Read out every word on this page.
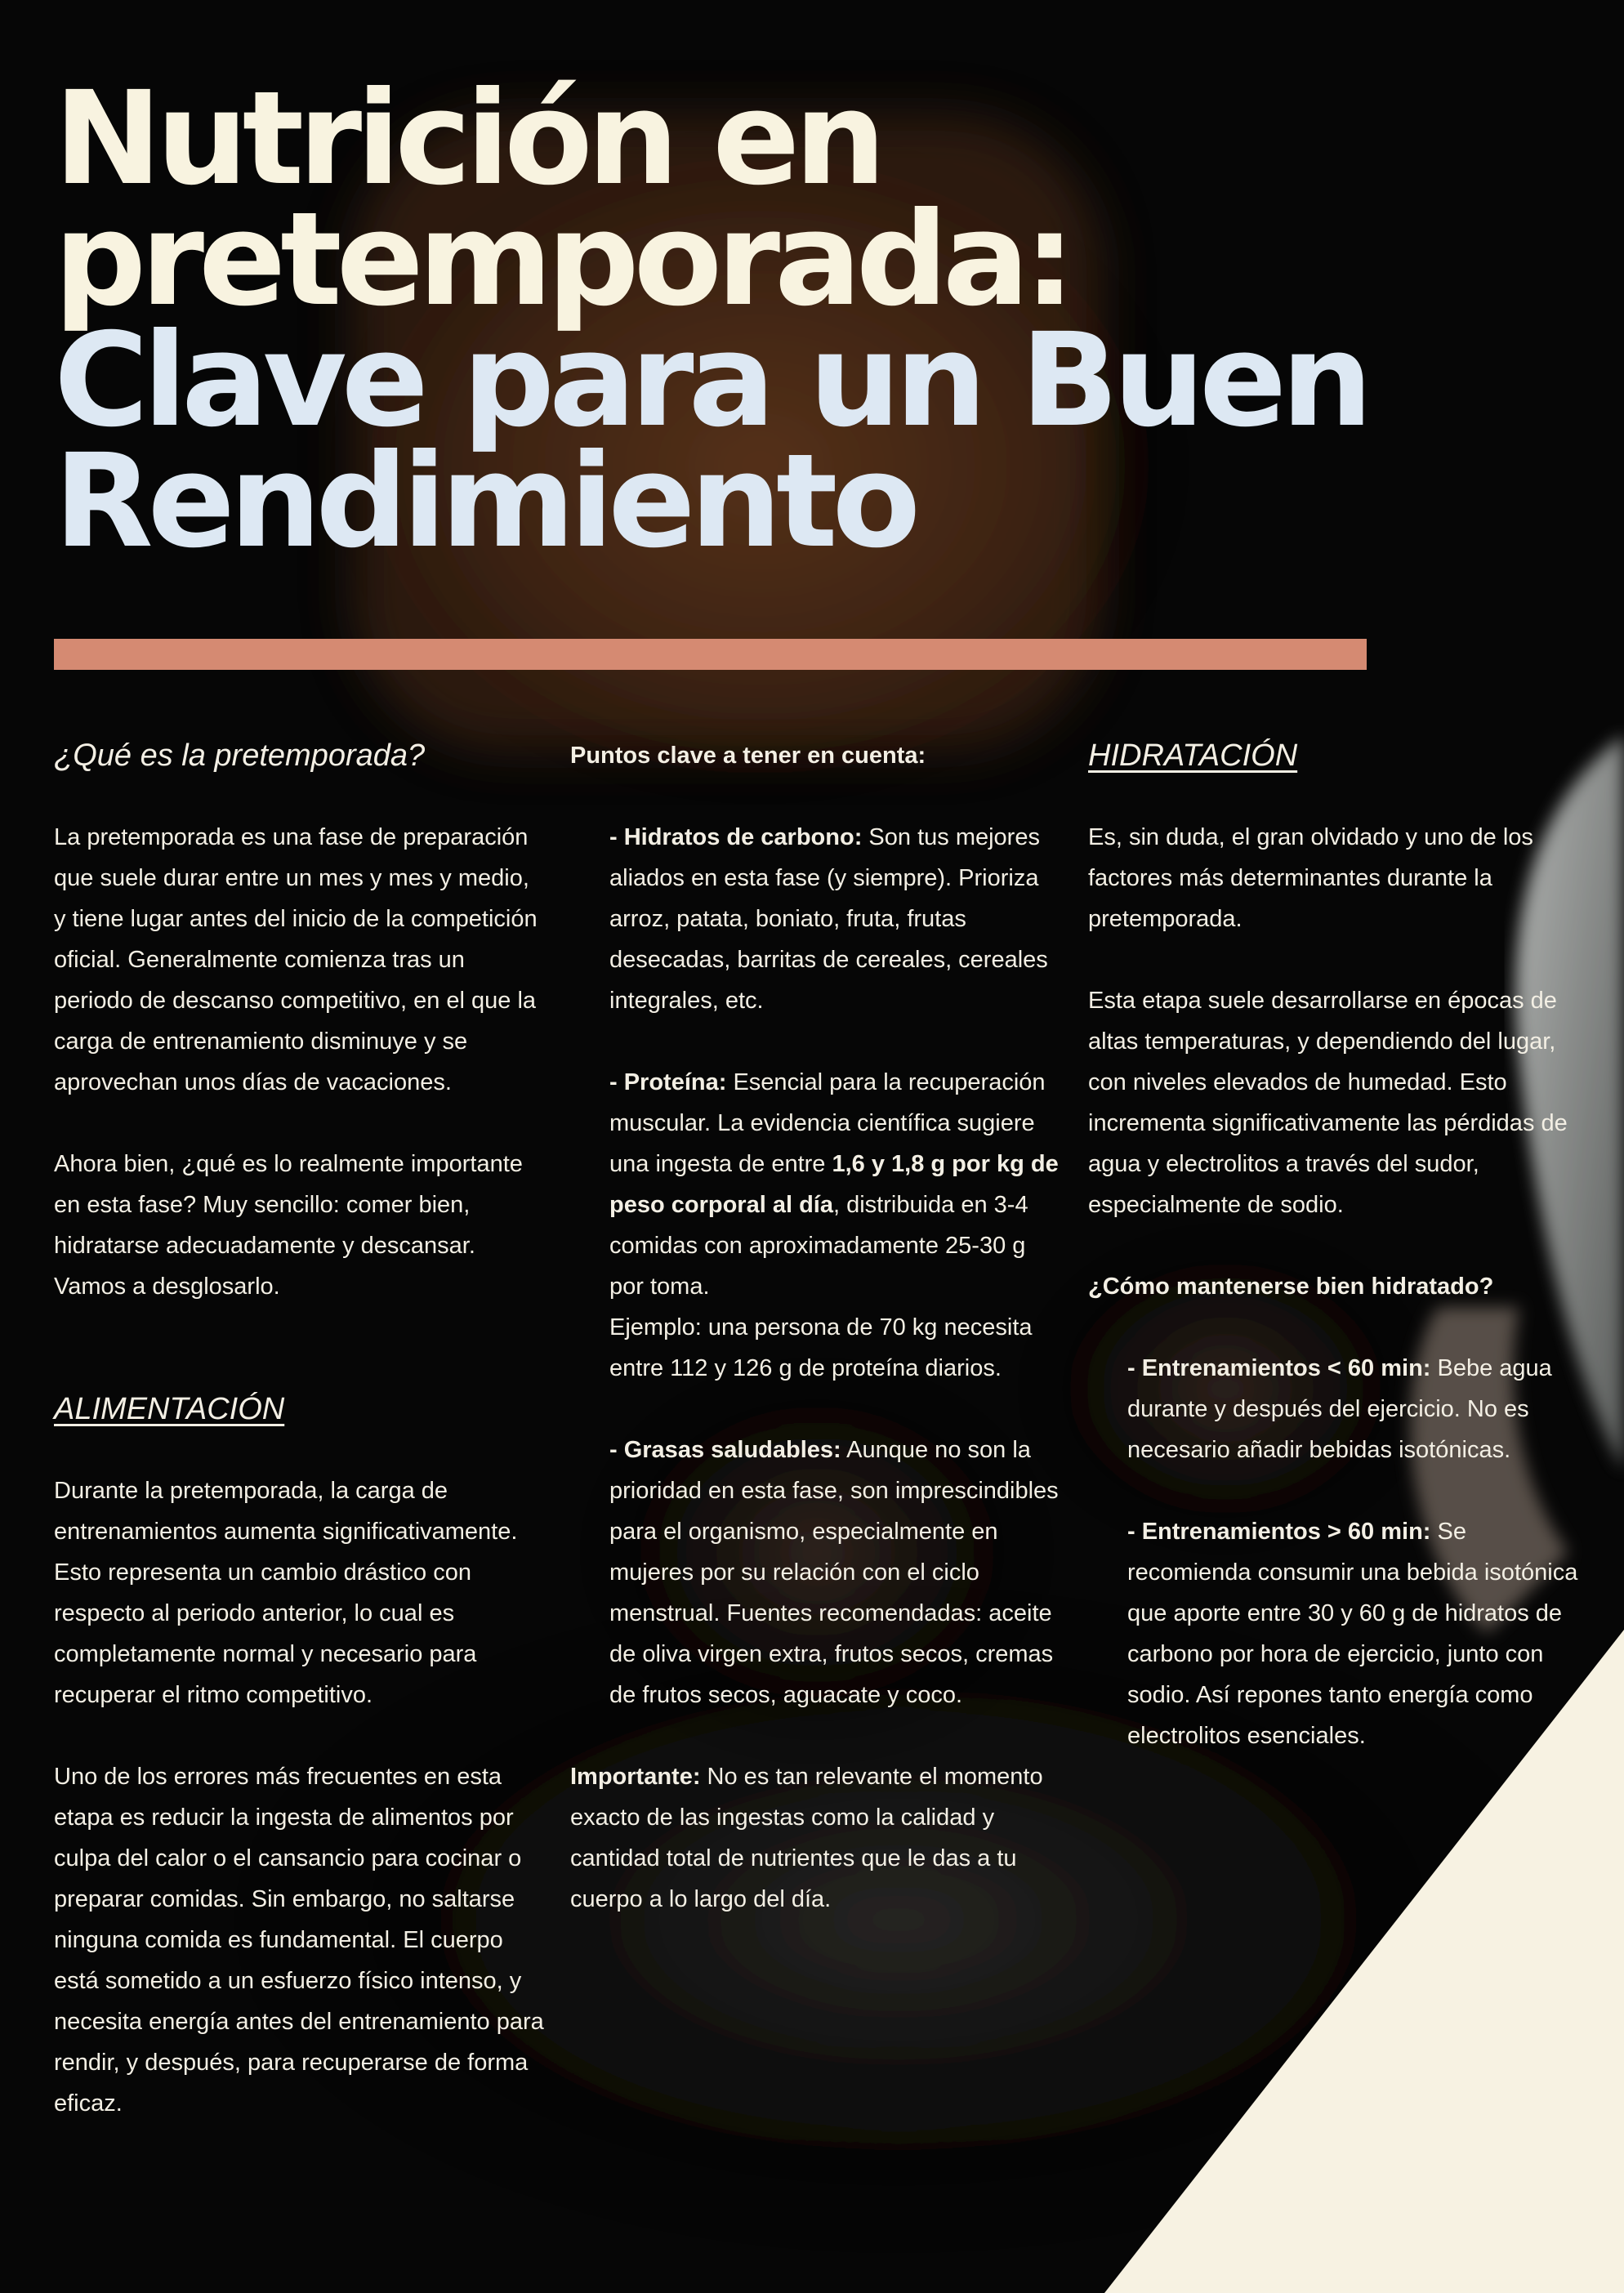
Nutrición en pretemporada:
Clave para un Buen Rendimiento

¿Qué es la pretemporada?

La pretemporada es una fase de preparación que suele durar entre un mes y mes y medio, y tiene lugar antes del inicio de la competición oficial. Generalmente comienza tras un periodo de descanso competitivo, en el que la carga de entrenamiento disminuye y se aprovechan unos días de vacaciones.

Ahora bien, ¿qué es lo realmente importante en esta fase? Muy sencillo: comer bien, hidratarse adecuadamente y descansar. Vamos a desglosarlo.

ALIMENTACIÓN

Durante la pretemporada, la carga de entrenamientos aumenta significativamente. Esto representa un cambio drástico con respecto al periodo anterior, lo cual es completamente normal y necesario para recuperar el ritmo competitivo.

Uno de los errores más frecuentes en esta etapa es reducir la ingesta de alimentos por culpa del calor o el cansancio para cocinar o preparar comidas. Sin embargo, no saltarse ninguna comida es fundamental. El cuerpo está sometido a un esfuerzo físico intenso, y necesita energía antes del entrenamiento para rendir, y después, para recuperarse de forma eficaz.

Puntos clave a tener en cuenta:

- Hidratos de carbono: Son tus mejores aliados en esta fase (y siempre). Prioriza arroz, patata, boniato, fruta, frutas desecadas, barritas de cereales, cereales integrales, etc.

- Proteína: Esencial para la recuperación muscular. La evidencia científica sugiere una ingesta de entre 1,6 y 1,8 g por kg de peso corporal al día, distribuida en 3-4 comidas con aproximadamente 25-30 g por toma.

Ejemplo: una persona de 70 kg necesita entre 112 y 126 g de proteína diarios.

- Grasas saludables: Aunque no son la prioridad en esta fase, son imprescindibles para el organismo, especialmente en mujeres por su relación con el ciclo menstrual. Fuentes recomendadas: aceite de oliva virgen extra, frutos secos, cremas de frutos secos, aguacate y coco.

Importante: No es tan relevante el momento exacto de las ingestas como la calidad y cantidad total de nutrientes que le das a tu cuerpo a lo largo del día.

HIDRATACIÓN

Es, sin duda, el gran olvidado y uno de los factores más determinantes durante la pretemporada.

Esta etapa suele desarrollarse en épocas de altas temperaturas, y dependiendo del lugar, con niveles elevados de humedad. Esto incrementa significativamente las pérdidas de agua y electrolitos a través del sudor, especialmente de sodio.

¿Cómo mantenerse bien hidratado?

- Entrenamientos < 60 min: Bebe agua durante y después del ejercicio. No es necesario añadir bebidas isotónicas.

- Entrenamientos > 60 min: Se recomienda consumir una bebida isotónica que aporte entre 30 y 60 g de hidratos de carbono por hora de ejercicio, junto con sodio. Así repones tanto energía como electrolitos esenciales.
